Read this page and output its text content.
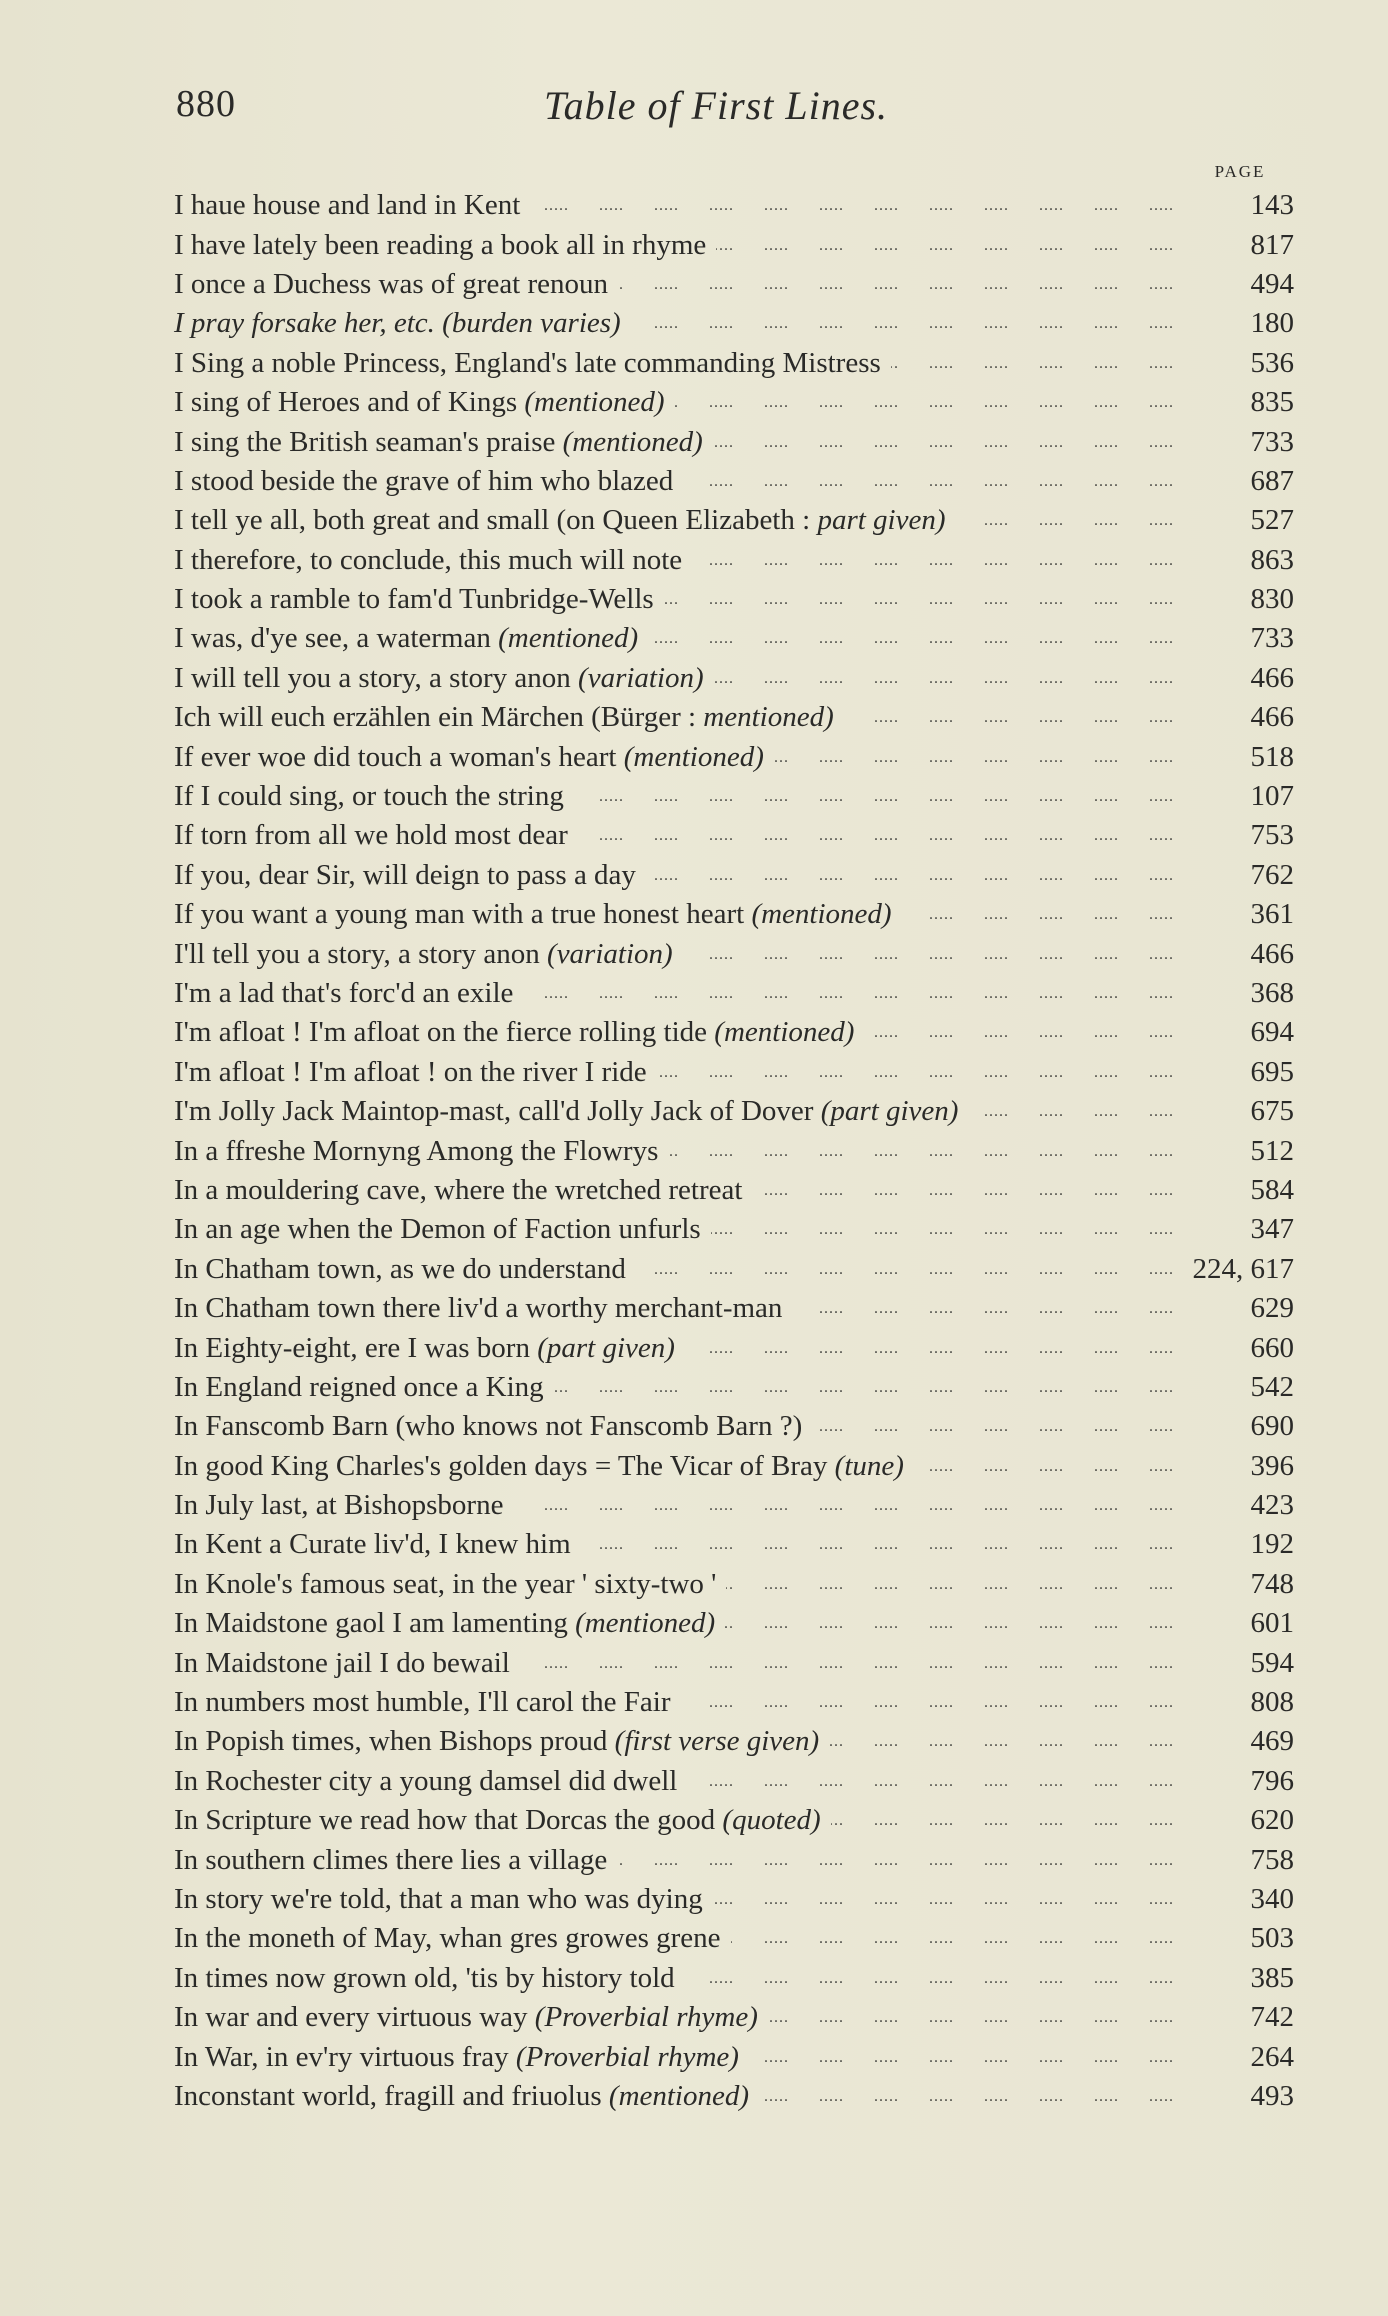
880	Table of First Lines.
PAGE
I haue house and land in Kent .....	143
I have lately been reading a book all in rhyme .....	817
I once a Duchess was of great renoun .....	494
I pray forsake her, etc. (burden varies) .....	180
I Sing a noble Princess, England's late commanding Mistress .....	536
I sing of Heroes and of Kings (mentioned) .....	835
I sing the British seaman's praise (mentioned) .....	733
I stood beside the grave of him who blazed .....	687
I tell ye all, both great and small (on Queen Elizabeth : part given) .....	527
I therefore, to conclude, this much will note .....	863
I took a ramble to fam'd Tunbridge-Wells .....	830
I was, d'ye see, a waterman (mentioned) .....	733
I will tell you a story, a story anon (variation) .....	466
Ich will euch erzählen ein Märchen (Bürger : mentioned) .....	466
If ever woe did touch a woman's heart (mentioned) .....	518
If I could sing, or touch the string .....	107
If torn from all we hold most dear .....	753
If you, dear Sir, will deign to pass a day .....	762
If you want a young man with a true honest heart (mentioned) .....	361
I'll tell you a story, a story anon (variation) .....	466
I'm a lad that's forc'd an exile .....	368
I'm afloat ! I'm afloat on the fierce rolling tide (mentioned) .....	694
I'm afloat ! I'm afloat ! on the river I ride .....	695
I'm Jolly Jack Maintop-mast, call'd Jolly Jack of Dover (part given) .....	675
In a ffreshe Mornyng Among the Flowrys .....	512
In a mouldering cave, where the wretched retreat .....	584
In an age when the Demon of Faction unfurls .....	347
In Chatham town, as we do understand .....	224, 617
In Chatham town there liv'd a worthy merchant-man .....	629
In Eighty-eight, ere I was born (part given) .....	660
In England reigned once a King .....	542
In Fanscomb Barn (who knows not Fanscomb Barn ?) .....	690
In good King Charles's golden days = The Vicar of Bray (tune) .....	396
In July last, at Bishopsborne .....	423
In Kent a Curate liv'd, I knew him .....	192
In Knole's famous seat, in the year ' sixty-two ' .....	748
In Maidstone gaol I am lamenting (mentioned) .....	601
In Maidstone jail I do bewail .....	594
In numbers most humble, I'll carol the Fair .....	808
In Popish times, when Bishops proud (first verse given) .....	469
In Rochester city a young damsel did dwell .....	796
In Scripture we read how that Dorcas the good (quoted) .....	620
In southern climes there lies a village .....	758
In story we're told, that a man who was dying .....	340
In the moneth of May, whan gres growes grene .....	503
In times now grown old, 'tis by history told .....	385
In war and every virtuous way (Proverbial rhyme) .....	742
In War, in ev'ry virtuous fray (Proverbial rhyme) .....	264
Inconstant world, fragill and friuolus (mentioned) .....	493
